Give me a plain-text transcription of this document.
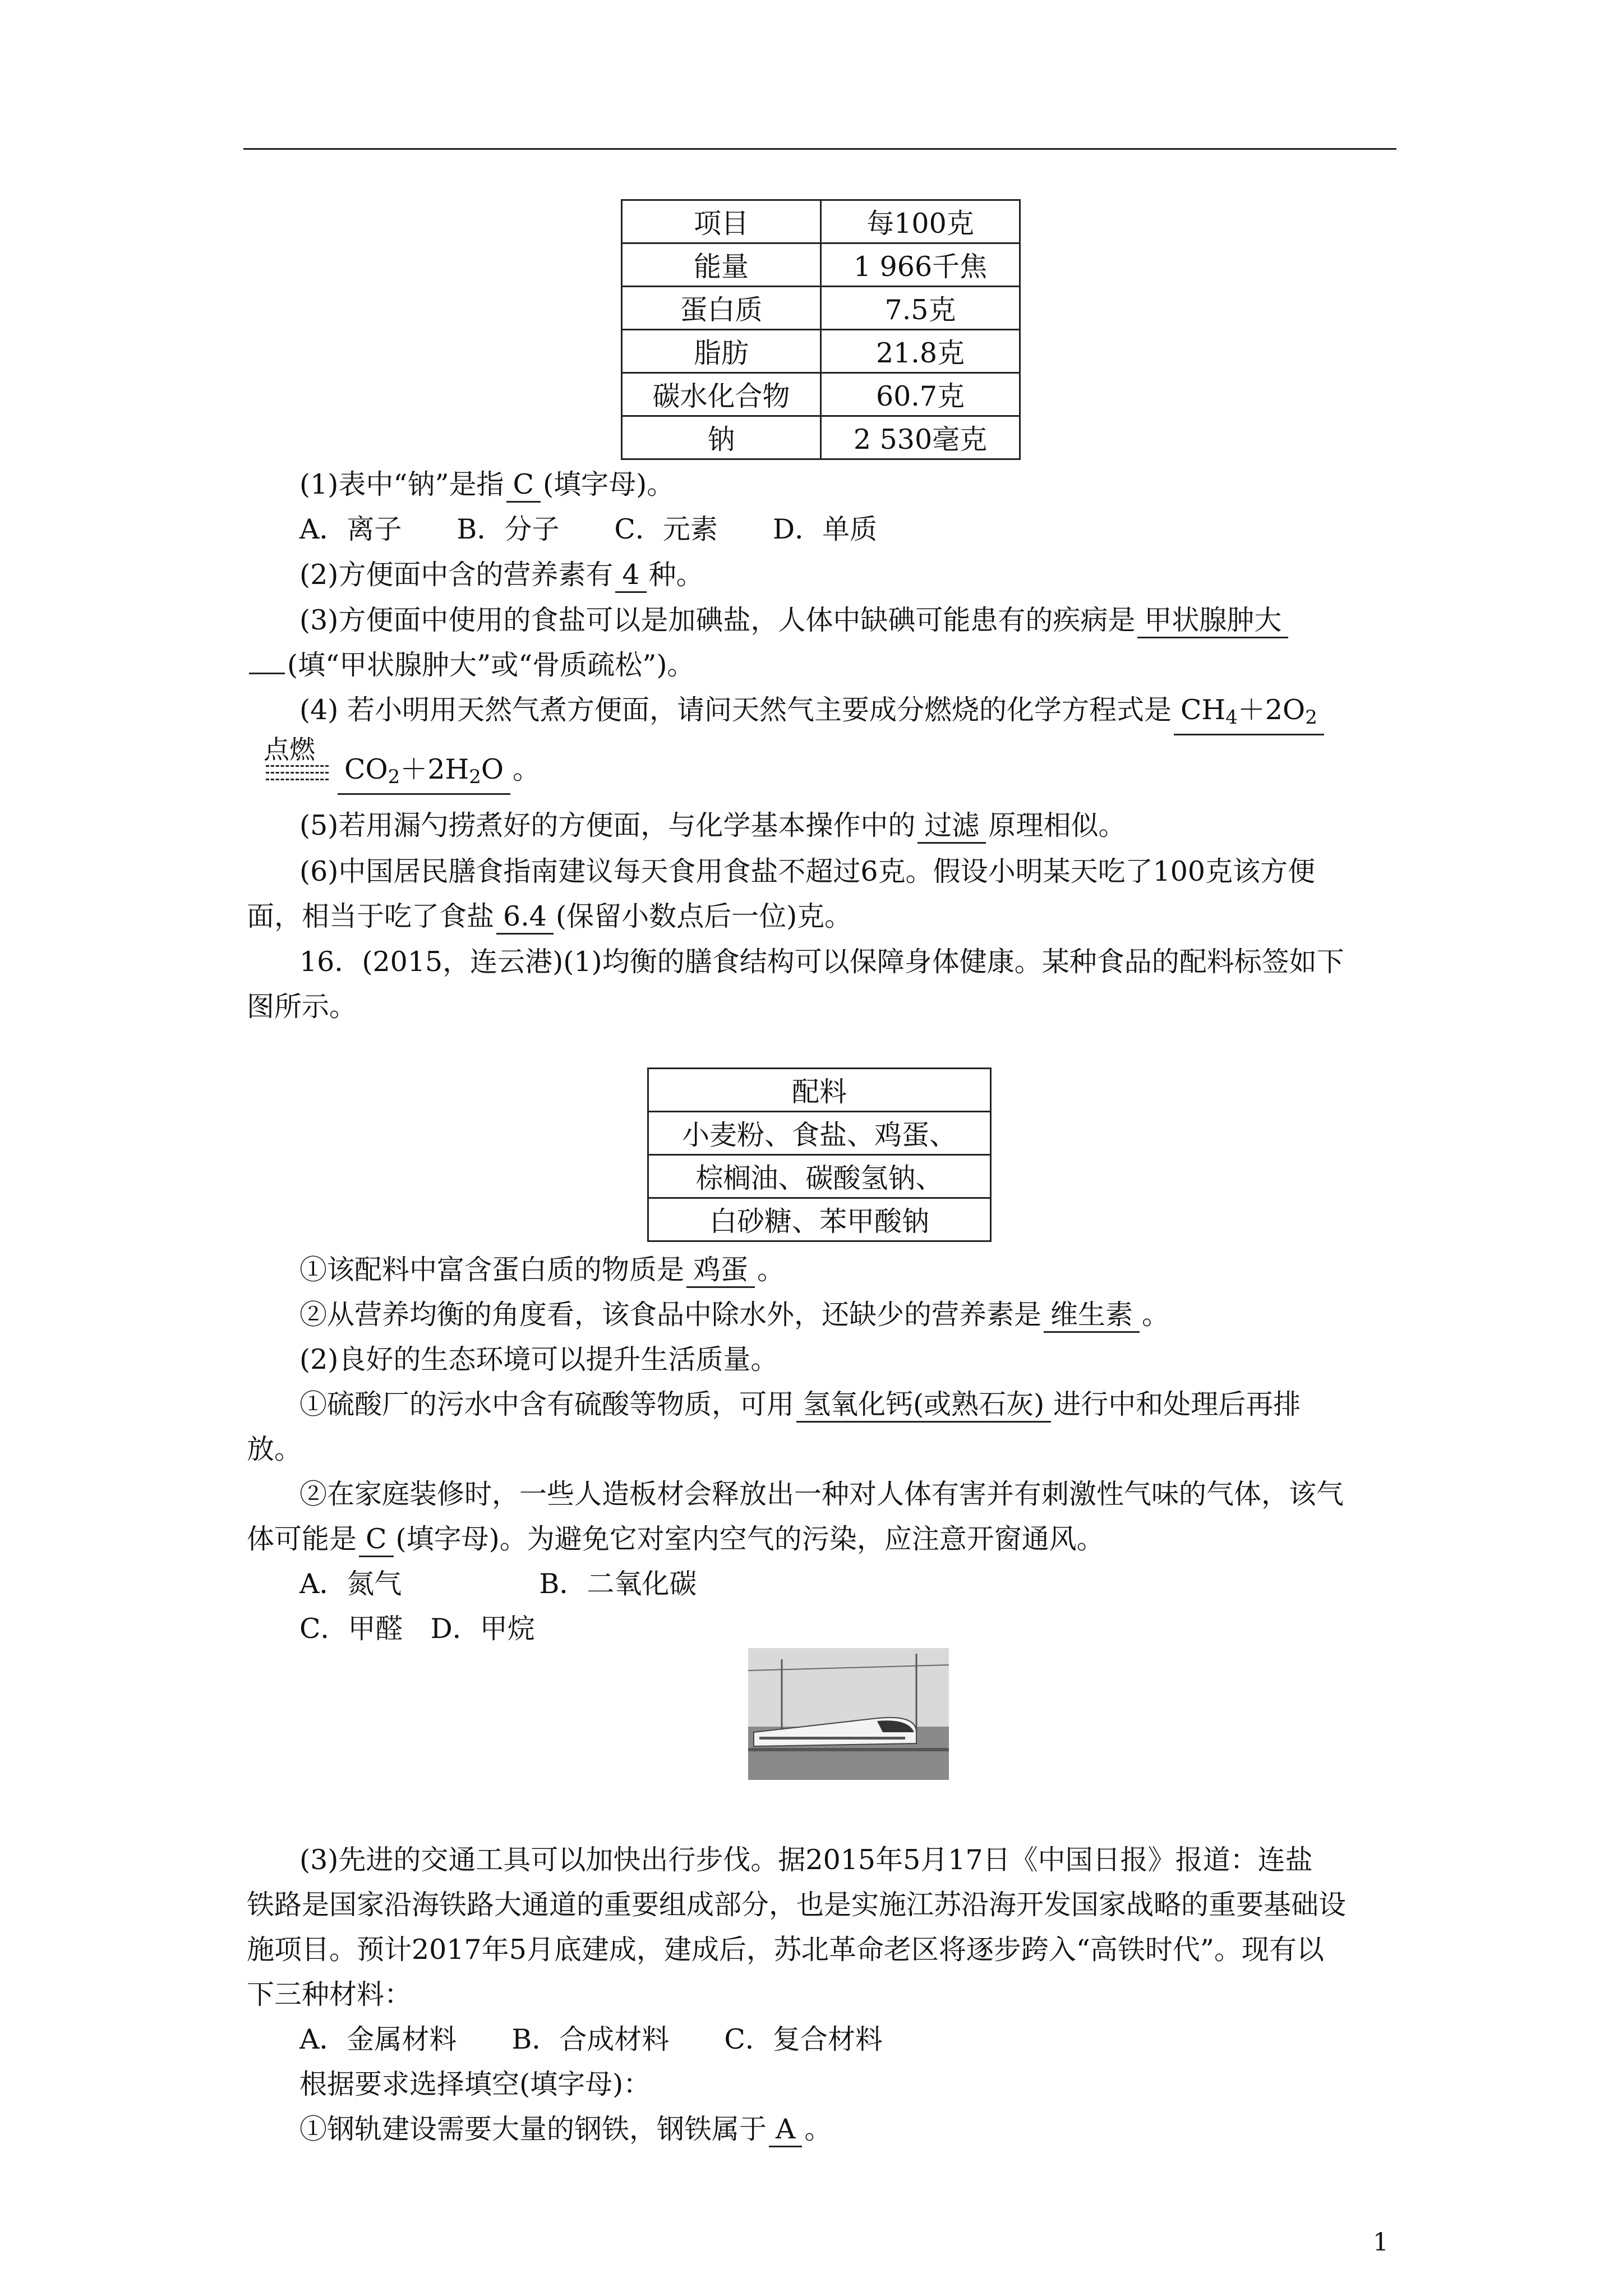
项目	每100克
能量	1 966千焦
蛋白质	7.5克
脂肪	21.8克
碳水化合物	60.7克
钠	2 530毫克
(1)表中“钠”是指 C (填字母)。
A．离子　　B．分子　　C．元素　　D．单质
(2)方便面中含的营养素有 4 种。
(3)方便面中使用的食盐可以是加碘盐，人体中缺碘可能患有的疾病是 甲状腺肿大
(填“甲状腺肿大”或“骨质疏松”)。
(4) 若小明用天然气煮方便面，请问天然气主要成分燃烧的化学方程式是 $CH_4+2O_2$
点燃
$CO_2+2H_2O$ 。
(5)若用漏勺捞煮好的方便面，与化学基本操作中的 过滤 原理相似。
(6)中国居民膳食指南建议每天食用食盐不超过6克。假设小明某天吃了100克该方便
面，相当于吃了食盐 6.4 (保留小数点后一位)克。
16．(2015，连云港)(1)均衡的膳食结构可以保障身体健康。某种食品的配料标签如下
图所示。
配料
小麦粉、食盐、鸡蛋、
棕榈油、碳酸氢钠、
白砂糖、苯甲酸钠
①该配料中富含蛋白质的物质是 鸡蛋 。
②从营养均衡的角度看，该食品中除水外，还缺少的营养素是 维生素 。
(2)良好的生态环境可以提升生活质量。
①硫酸厂的污水中含有硫酸等物质，可用 氢氧化钙(或熟石灰) 进行中和处理后再排
放。
②在家庭装修时，一些人造板材会释放出一种对人体有害并有刺激性气味的气体，该气
体可能是 C (填字母)。为避免它对室内空气的污染，应注意开窗通风。
A．氮气　　　　　B．二氧化碳
C．甲醛　D．甲烷
(3)先进的交通工具可以加快出行步伐。据2015年5月17日《中国日报》报道：连盐
铁路是国家沿海铁路大通道的重要组成部分，也是实施江苏沿海开发国家战略的重要基础设
施项目。预计2017年5月底建成，建成后，苏北革命老区将逐步跨入“高铁时代”。现有以
下三种材料：
A．金属材料　　B．合成材料　　C．复合材料
根据要求选择填空(填字母)：
①钢轨建设需要大量的钢铁，钢铁属于 A 。
1
